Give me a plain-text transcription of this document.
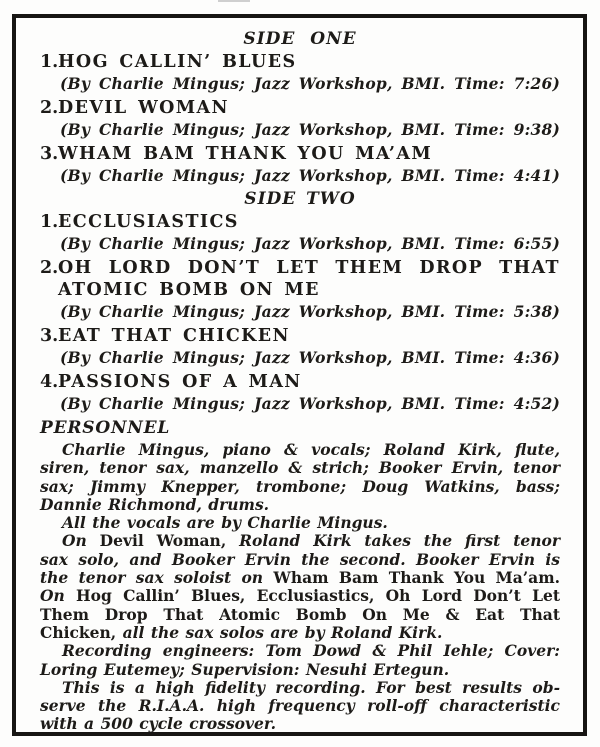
SIDE ONE
1. HOG CALLIN’ BLUES
(By Charlie Mingus; Jazz Workshop, BMI. Time: 7:26)
2. DEVIL WOMAN
(By Charlie Mingus; Jazz Workshop, BMI. Time: 9:38)
3. WHAM BAM THANK YOU MA’AM
(By Charlie Mingus; Jazz Workshop, BMI. Time: 4:41)
SIDE TWO
1. ECCLUSIASTICS
(By Charlie Mingus; Jazz Workshop, BMI. Time: 6:55)
2. OH LORD DON’T LET THEM DROP THAT
ATOMIC BOMB ON ME
(By Charlie Mingus; Jazz Workshop, BMI. Time: 5:38)
3. EAT THAT CHICKEN
(By Charlie Mingus; Jazz Workshop, BMI. Time: 4:36)
4. PASSIONS OF A MAN
(By Charlie Mingus; Jazz Workshop, BMI. Time: 4:52)
PERSONNEL
Charlie Mingus, piano & vocals; Roland Kirk, flute,
siren, tenor sax, manzello & strich; Booker Ervin, tenor
sax; Jimmy Knepper, trombone; Doug Watkins, bass;
Dannie Richmond, drums.
All the vocals are by Charlie Mingus.
On Devil Woman, Roland Kirk takes the first tenor
sax solo, and Booker Ervin the second. Booker Ervin is
the tenor sax soloist on Wham Bam Thank You Ma’am.
On Hog Callin’ Blues, Ecclusiastics, Oh Lord Don’t Let
Them Drop That Atomic Bomb On Me & Eat That
Chicken, all the sax solos are by Roland Kirk.
Recording engineers: Tom Dowd & Phil Iehle; Cover:
Loring Eutemey; Supervision: Nesuhi Ertegun.
This is a high fidelity recording. For best results ob-
serve the R.I.A.A. high frequency roll-off characteristic
with a 500 cycle crossover.
